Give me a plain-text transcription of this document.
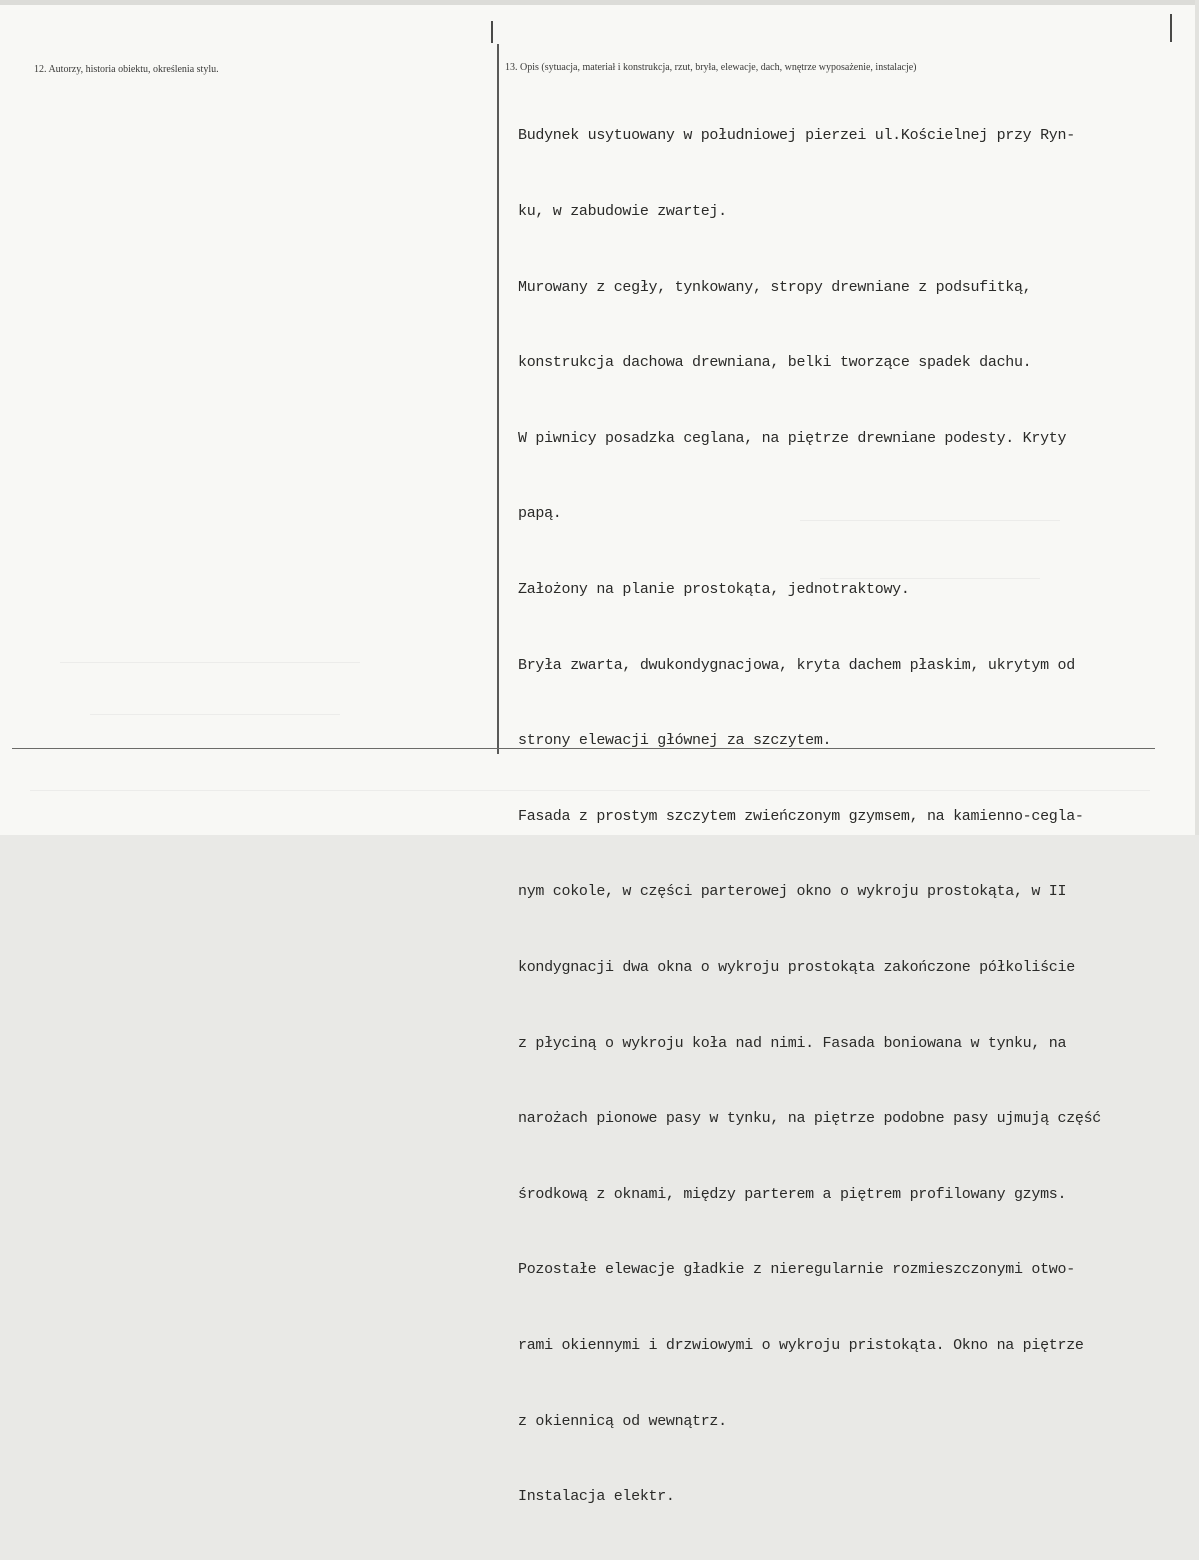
12. Autorzy, historia obiektu, określenia stylu.	13. Opis (sytuacja, materiał i konstrukcja, rzut, bryła, elewacje, dach, wnętrze wyposażenie, instalacje)

Budynek usytuowany w południowej pierzei ul.Kościelnej przy Ryn-

ku, w zabudowie zwartej.

Murowany z cegły, tynkowany, stropy drewniane z podsufitką,

konstrukcja dachowa drewniana, belki tworzące spadek dachu.

W piwnicy posadzka ceglana, na piętrze drewniane podesty. Kryty

papą.

Założony na planie prostokąta, jednotraktowy.

Bryła zwarta, dwukondygnacjowa, kryta dachem płaskim, ukrytym od

strony elewacji głównej za szczytem.

Fasada z prostym szczytem zwieńczonym gzymsem, na kamienno-cegla-

nym cokole, w części parterowej okno o wykroju prostokąta, w II

kondygnacji dwa okna o wykroju prostokąta zakończone półkoliście

z płyciną o wykroju koła nad nimi. Fasada boniowana w tynku, na

narożach pionowe pasy w tynku, na piętrze podobne pasy ujmują część

środkową z oknami, między parterem a piętrem profilowany gzyms.

Pozostałe elewacje gładkie z nieregularnie rozmieszczonymi otwo-

rami okiennymi i drzwiowymi o wykroju pristokąta. Okno na piętrze

z okiennicą od wewnątrz.

Instalacja elektr.
